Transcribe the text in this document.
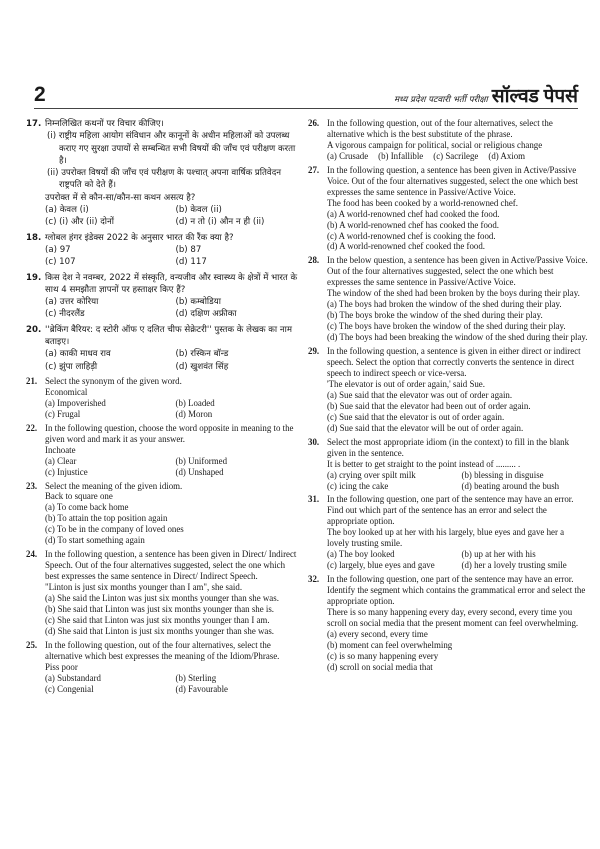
2	मध्य प्रदेश पटवारी भर्ती परीक्षा सॉल्वड पेपर्स
17. निम्नलिखित कथनों पर विचार कीजिए।
(i) राष्ट्रीय महिला आयोग संविधान और कानूनों के अधीन महिलाओं को उपलब्ध कराए गए सुरक्षा उपायों से सम्बन्धित सभी विषयों की जाँच एवं परीक्षण करता है।
(ii) उपरोक्त विषयों की जाँच एवं परीक्षण के पश्चात् अपना वार्षिक प्रतिवेदन राष्ट्रपति को देते हैं।
उपरोक्त में से कौन-सा/कौन-सा कथन असत्य है?
(a) केवल (i)	(b) केवल (ii)
(c) (i) और (ii) दोनों	(d) न तो (i) औन न ही (ii)
18. ग्लोबल हंगर इंडेक्स 2022 के अनुसार भारत की रैंक क्या है?
(a) 97	(b) 87
(c) 107	(d) 117
19. किस देश ने नवम्बर, 2022 में संस्कृति, वन्यजीव और स्वास्थ्य के क्षेत्रों में भारत के साथ 4 समझौता ज्ञापनों पर हस्ताक्षर किए हैं?
(a) उत्तर कोरिया	(b) कम्बोडिया
(c) नीदरलैंड	(d) दक्षिण अफ्रीका
20. ''ब्रेकिंग बैरियर: द स्टोरी ऑफ ए दलित चीफ सेक्रेटरी'' पुस्तक के लेखक का नाम बताइए।
(a) काकी माधव राव	(b) रस्किन बॉन्ड
(c) झुंपा लाहिड़ी	(d) खुशवंत सिंह
21. Select the synonym of the given word.
Economical
(a) Impoverished	(b) Loaded
(c) Frugal	(d) Moron
22. In the following question, choose the word opposite in meaning to the given word and mark it as your answer.
Inchoate
(a) Clear	(b) Uniformed
(c) Injustice	(d) Unshaped
23. Select the meaning of the given idiom.
Back to square one
(a) To come back home
(b) To attain the top position again
(c) To be in the company of loved ones
(d) To start something again
24. In the following question, a sentence has been given in Direct/ Indirect Speech. Out of the four alternatives suggested, select the one which best expresses the same sentence in Direct/ Indirect Speech.
"Linton is just six months younger than I am", she said.
(a) She said the Linton was just six months younger than she was.
(b) She said that Linton was just six months younger than she is.
(c) She said that Linton was just six months younger than I am.
(d) She said that Linton is just six months younger than she was.
25. In the following question, out of the four alternatives, select the alternative which best expresses the meaning of the Idiom/Phrase.
Piss poor
(a) Substandard	(b) Sterling
(c) Congenial	(d) Favourable
26. In the following question, out of the four alternatives, select the alternative which is the best substitute of the phrase.
A vigorous campaign for political, social or religious change
(a) Crusade (b) Infallible (c) Sacrilege (d) Axiom
27. In the following question, a sentence has been given in Active/Passive Voice. Out of the four alternatives suggested, select the one which best expresses the same sentence in Passive/Active Voice.
The food has been cooked by a world-renowned chef.
(a) A world-renowned chef had cooked the food.
(b) A world-renowned chef has cooked the food.
(c) A world-renowned chef is cooking the food.
(d) A world-renowned chef cooked the food.
28. In the below question, a sentence has been given in Active/Passive Voice. Out of the four alternatives suggested, select the one which best expresses the same sentence in Passive/Active Voice.
The window of the shed had been broken by the boys during their play.
(a) The boys had broken the window of the shed during their play.
(b) The boys broke the window of the shed during their play.
(c) The boys have broken the window of the shed during their play.
(d) The boys had been breaking the window of the shed during their play.
29. In the following question, a sentence is given in either direct or indirect speech. Select the option that correctly converts the sentence in direct speech to indirect speech or vice-versa.
'The elevator is out of order again,' said Sue.
(a) Sue said that the elevator was out of order again.
(b) Sue said that the elevator had been out of order again.
(c) Sue said that the elevator is out of order again.
(d) Sue said that the elevator will be out of order again.
30. Select the most appropriate idiom (in the context) to fill in the blank given in the sentence.
It is better to get straight to the point instead of ......... .
(a) crying over spilt milk	(b) blessing in disguise
(c) icing the cake	(d) beating around the bush
31. In the following question, one part of the sentence may have an error. Find out which part of the sentence has an error and select the appropriate option.
The boy looked up at her with his largely, blue eyes and gave her a lovely trusting smile.
(a) The boy looked	(b) up at her with his
(c) largely, blue eyes and gave	(d) her a lovely trusting smile
32. In the following question, one part of the sentence may have an error. Identify the segment which contains the grammatical error and select the appropriate option.
There is so many happening every day, every second, every time you scroll on social media that the present moment can feel overwhelming.
(a) every second, every time
(b) moment can feel overwhelming
(c) is so many happening every
(d) scroll on social media that
